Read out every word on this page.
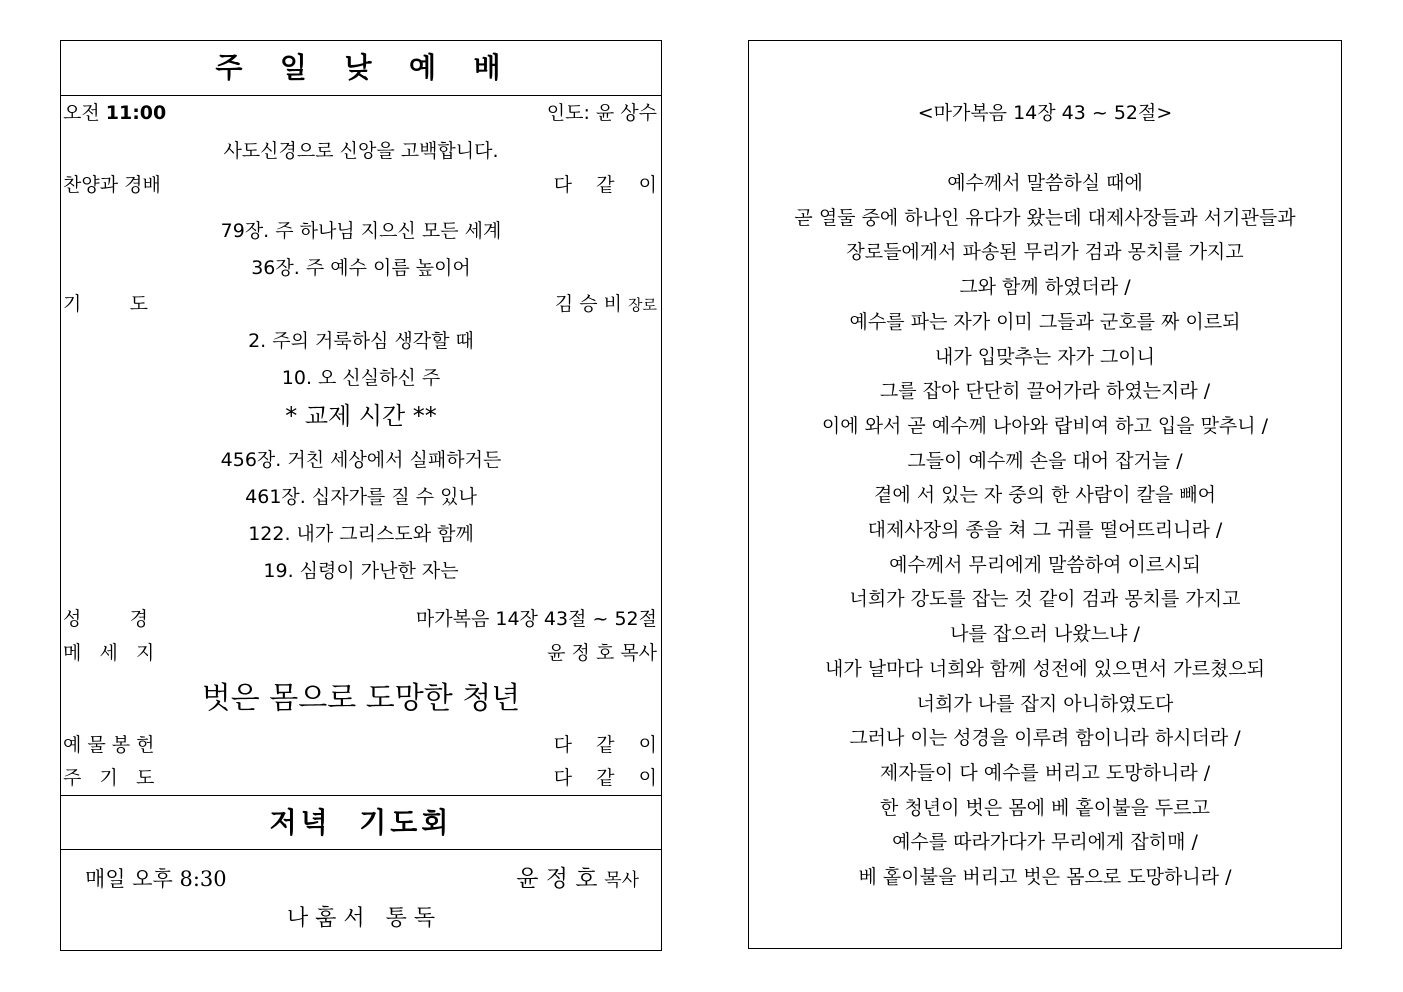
주  일  낮  예  배
오전 11:00	인도: 윤 상수
사도신경으로 신앙을 고백합니다.
찬양과 경배	다    같    이
79장. 주 하나님 지으신 모든 세계
36장. 주 예수 이름 높이어
기        도	김 승 비 장로
2. 주의 거룩하심 생각할 때
10. 오 신실하신 주
* 교제 시간 **
456장. 거친 세상에서 실패하거든
461장. 십자가를 질 수 있나
122. 내가 그리스도와 함께
19. 심령이 가난한 자는
성        경	마가복음 14장 43절 ~ 52절
메   세   지	윤 정 호 목사
벗은 몸으로 도망한 청년
예 물 봉 헌	다    같    이
주   기   도	다    같    이
저녁  기도회
매일 오후 8:30	윤 정 호 목사
나 훔 서   통 독
<마가복음 14장 43 ~ 52절>
예수께서 말씀하실 때에
곧 열둘 중에 하나인 유다가 왔는데 대제사장들과 서기관들과
장로들에게서 파송된 무리가 검과 몽치를 가지고
그와 함께 하였더라 /
예수를 파는 자가 이미 그들과 군호를 짜 이르되
내가 입맞추는 자가 그이니
그를 잡아 단단히 끌어가라 하였는지라 /
이에 와서 곧 예수께 나아와 랍비여 하고 입을 맞추니 /
그들이 예수께 손을 대어 잡거늘 /
곁에 서 있는 자 중의 한 사람이 칼을 빼어
대제사장의 종을 쳐 그 귀를 떨어뜨리니라 /
예수께서 무리에게 말씀하여 이르시되
너희가 강도를 잡는 것 같이 검과 몽치를 가지고
나를 잡으러 나왔느냐 /
내가 날마다 너희와 함께 성전에 있으면서 가르쳤으되
너희가 나를 잡지 아니하였도다
그러나 이는 성경을 이루려 함이니라 하시더라 /
제자들이 다 예수를 버리고 도망하니라 /
한 청년이 벗은 몸에 베 홑이불을 두르고
예수를 따라가다가 무리에게 잡히매 /
베 홑이불을 버리고 벗은 몸으로 도망하니라 /
